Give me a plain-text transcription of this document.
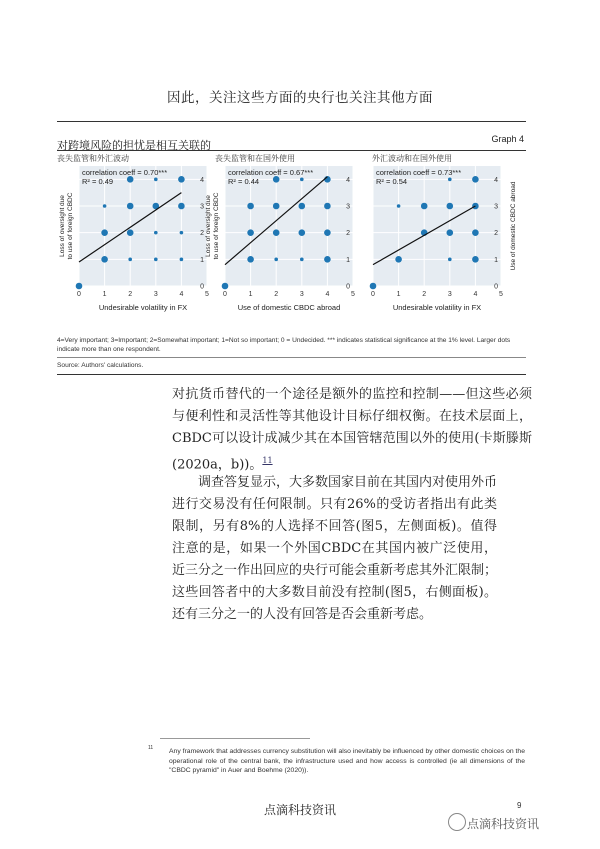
因此，关注这些方面的央行也关注其他方面
对跨境风险的担忧是相互关联的	Graph 4
丧失监管和外汇波动	丧失监管和在国外使用	外汇波动和在国外使用
correlation coeff = 0.70***
R² = 0.49
0	1	2	3	4	5
0
1
2
3
4
Undesirable volatility in FX
Loss of oversight dueto use of foreign CBDC
correlation coeff = 0.67***
R² = 0.44
0	1	2	3	4	5
0
1
2
3
4
Use of domestic CBDC abroad
Loss of oversight dueto use of foreign CBDC
correlation coeff = 0.73***
R² = 0.54
0	1	2	3	4	5
0
1
2
3
4
Undesirable volatility in FX
Use of domestic CBDC abroad
4=Very important; 3=Important; 2=Somewhat important; 1=Not so important; 0 = Undecided. *** indicates statistical significance at the 1% level. Larger dots indicate more than one respondent.
Source: Authors' calculations.
对抗货币替代的一个途径是额外的监控和控制——但这些必须与便利性和灵活性等其他设计目标仔细权衡。在技术层面上，CBDC可以设计成减少其在本国管辖范围以外的使用(卡斯滕斯(2020a，b))。$^{11}$
调查答复显示，大多数国家目前在其国内对使用外币进行交易没有任何限制。只有26%的受访者指出有此类限制，另有8%的人选择不回答(图5，左侧面板)。值得注意的是，如果一个外国CBDC在其国内被广泛使用，近三分之一作出回应的央行可能会重新考虑其外汇限制；这些回答者中的大多数目前没有控制(图5，右侧面板)。还有三分之一的人没有回答是否会重新考虑。
11 Any framework that addresses currency substitution will also inevitably be influenced by other domestic choices on the operational role of the central bank, the infrastructure used and how access is controlled (ie all dimensions of the "CBDC pyramid" in Auer and Boehme (2020)).
点滴科技资讯	9
点滴科技资讯
